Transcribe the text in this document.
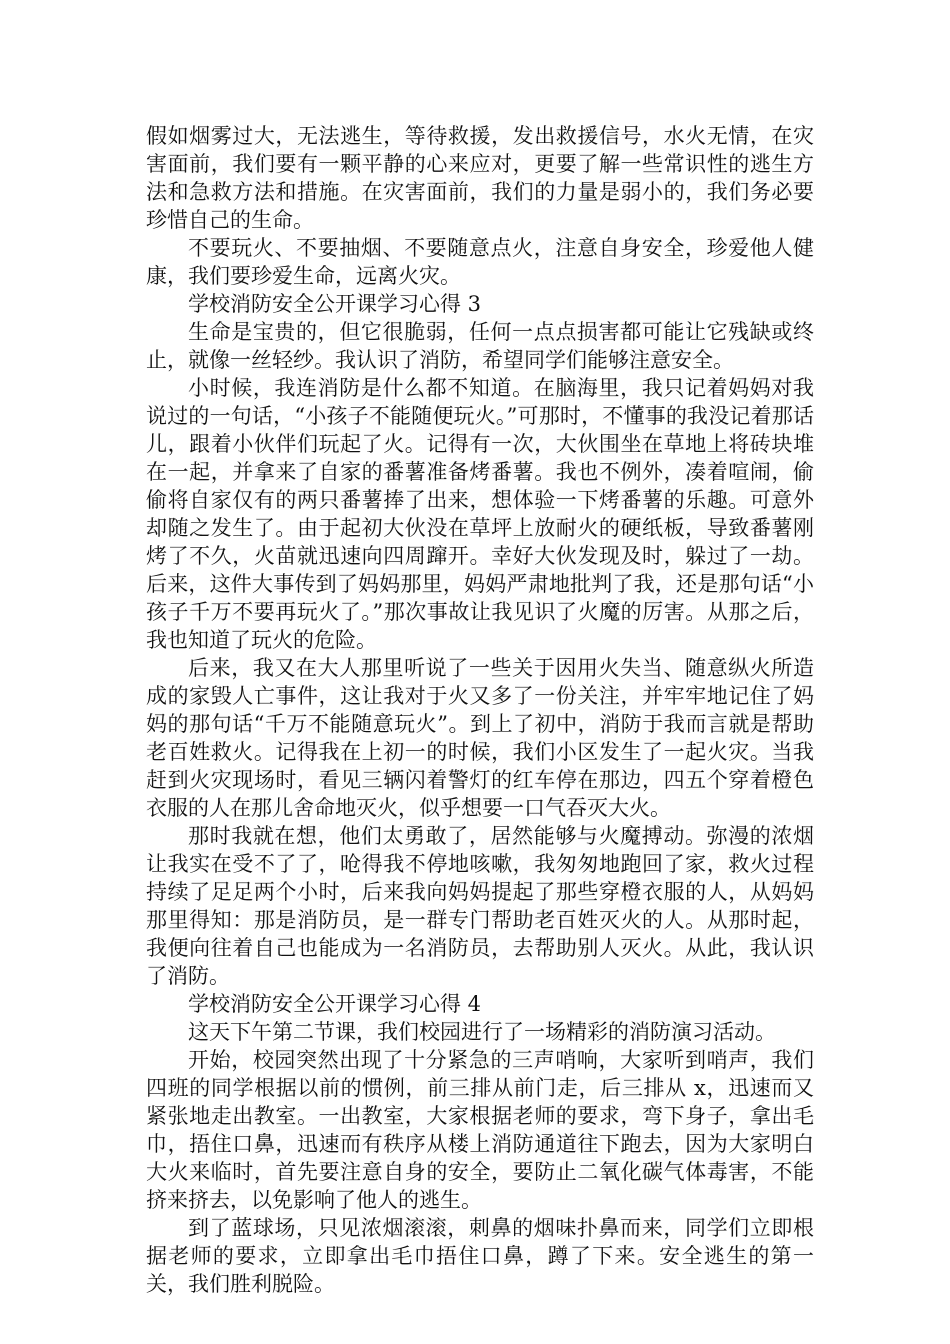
假如烟雾过大，无法逃生，等待救援，发出救援信号，水火无情，在灾害面前，我们要有一颗平静的心来应对，更要了解一些常识性的逃生方法和急救方法和措施。在灾害面前，我们的力量是弱小的，我们务必要珍惜自己的生命。

不要玩火、不要抽烟、不要随意点火，注意自身安全，珍爱他人健康，我们要珍爱生命，远离火灾。

学校消防安全公开课学习心得 3

生命是宝贵的，但它很脆弱，任何一点点损害都可能让它残缺或终止，就像一丝轻纱。我认识了消防，希望同学们能够注意安全。

小时候，我连消防是什么都不知道。在脑海里，我只记着妈妈对我说过的一句话，“小孩子不能随便玩火。”可那时，不懂事的我没记着那话儿，跟着小伙伴们玩起了火。记得有一次，大伙围坐在草地上将砖块堆在一起，并拿来了自家的番薯准备烤番薯。我也不例外，凑着喧闹，偷偷将自家仅有的两只番薯捧了出来，想体验一下烤番薯的乐趣。可意外却随之发生了。由于起初大伙没在草坪上放耐火的硬纸板，导致番薯刚烤了不久，火苗就迅速向四周蹿开。幸好大伙发现及时，躲过了一劫。后来，这件大事传到了妈妈那里，妈妈严肃地批判了我，还是那句话“小孩子千万不要再玩火了。”那次事故让我见识了火魔的厉害。从那之后，我也知道了玩火的危险。

后来，我又在大人那里听说了一些关于因用火失当、随意纵火所造成的家毁人亡事件，这让我对于火又多了一份关注，并牢牢地记住了妈妈的那句话“千万不能随意玩火”。到上了初中，消防于我而言就是帮助老百姓救火。记得我在上初一的时候，我们小区发生了一起火灾。当我赶到火灾现场时，看见三辆闪着警灯的红车停在那边，四五个穿着橙色衣服的人在那儿舍命地灭火，似乎想要一口气吞灭大火。

那时我就在想，他们太勇敢了，居然能够与火魔搏动。弥漫的浓烟让我实在受不了了，呛得我不停地咳嗽，我匆匆地跑回了家，救火过程持续了足足两个小时，后来我向妈妈提起了那些穿橙衣服的人，从妈妈那里得知：那是消防员，是一群专门帮助老百姓灭火的人。从那时起，我便向往着自己也能成为一名消防员，去帮助别人灭火。从此，我认识了消防。

学校消防安全公开课学习心得 4

这天下午第二节课，我们校园进行了一场精彩的消防演习活动。

开始，校园突然出现了十分紧急的三声哨响，大家听到哨声，我们四班的同学根据以前的惯例，前三排从前门走，后三排从 x，迅速而又紧张地走出教室。一出教室，大家根据老师的要求，弯下身子，拿出毛巾，捂住口鼻，迅速而有秩序从楼上消防通道往下跑去，因为大家明白大火来临时，首先要注意自身的安全，要防止二氧化碳气体毒害，不能挤来挤去，以免影响了他人的逃生。

到了蓝球场，只见浓烟滚滚，刺鼻的烟味扑鼻而来，同学们立即根据老师的要求，立即拿出毛巾捂住口鼻，蹲了下来。安全逃生的第一关，我们胜利脱险。
